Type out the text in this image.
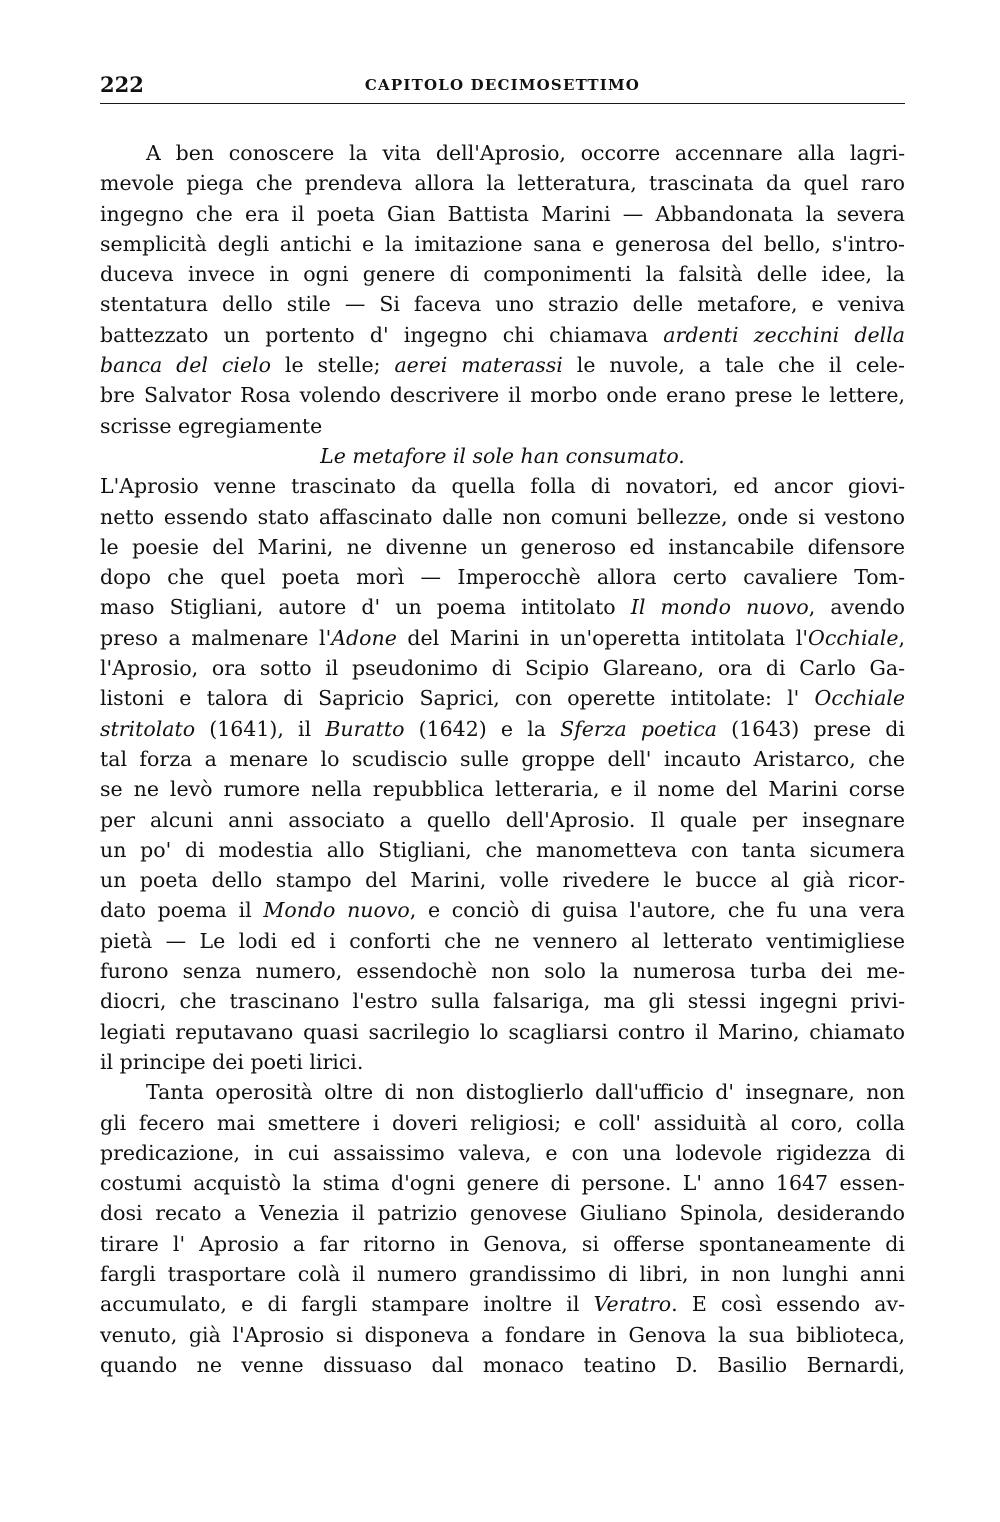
222	CAPITOLO DECIMOSETTIMO
A ben conoscere la vita dell'Aprosio, occorre accennare alla lagri-
mevole piega che prendeva allora la letteratura, trascinata da quel raro
ingegno che era il poeta Gian Battista Marini — Abbandonata la severa
semplicità degli antichi e la imitazione sana e generosa del bello, s'intro-
duceva invece in ogni genere di componimenti la falsità delle idee, la
stentatura dello stile — Si faceva uno strazio delle metafore, e veniva
battezzato un portento d' ingegno chi chiamava ardenti zecchini della
banca del cielo le stelle; aerei materassi le nuvole, a tale che il cele-
bre Salvator Rosa volendo descrivere il morbo onde erano prese le lettere,
scrisse egregiamente
Le metafore il sole han consumato.
L'Aprosio venne trascinato da quella folla di novatori, ed ancor giovi-
netto essendo stato affascinato dalle non comuni bellezze, onde si vestono
le poesie del Marini, ne divenne un generoso ed instancabile difensore
dopo che quel poeta morì — Imperocchè allora certo cavaliere Tom-
maso Stigliani, autore d' un poema intitolato Il mondo nuovo, avendo
preso a malmenare l'Adone del Marini in un'operetta intitolata l'Occhiale,
l'Aprosio, ora sotto il pseudonimo di Scipio Glareano, ora di Carlo Ga-
listoni e talora di Sapricio Saprici, con operette intitolate: l' Occhiale
stritolato (1641), il Buratto (1642) e la Sferza poetica (1643) prese di
tal forza a menare lo scudiscio sulle groppe dell' incauto Aristarco, che
se ne levò rumore nella repubblica letteraria, e il nome del Marini corse
per alcuni anni associato a quello dell'Aprosio. Il quale per insegnare
un po' di modestia allo Stigliani, che manometteva con tanta sicumera
un poeta dello stampo del Marini, volle rivedere le bucce al già ricor-
dato poema il Mondo nuovo, e conciò di guisa l'autore, che fu una vera
pietà — Le lodi ed i conforti che ne vennero al letterato ventimigliese
furono senza numero, essendochè non solo la numerosa turba dei me-
diocri, che trascinano l'estro sulla falsariga, ma gli stessi ingegni privi-
legiati reputavano quasi sacrilegio lo scagliarsi contro il Marino, chiamato
il principe dei poeti lirici.
Tanta operosità oltre di non distoglierlo dall'ufficio d' insegnare, non
gli fecero mai smettere i doveri religiosi; e coll' assiduità al coro, colla
predicazione, in cui assaissimo valeva, e con una lodevole rigidezza di
costumi acquistò la stima d'ogni genere di persone. L' anno 1647 essen-
dosi recato a Venezia il patrizio genovese Giuliano Spinola, desiderando
tirare l' Aprosio a far ritorno in Genova, si offerse spontaneamente di
fargli trasportare colà il numero grandissimo di libri, in non lunghi anni
accumulato, e di fargli stampare inoltre il Veratro. E così essendo av-
venuto, già l'Aprosio si disponeva a fondare in Genova la sua biblioteca,
quando ne venne dissuaso dal monaco teatino D. Basilio Bernardi,
